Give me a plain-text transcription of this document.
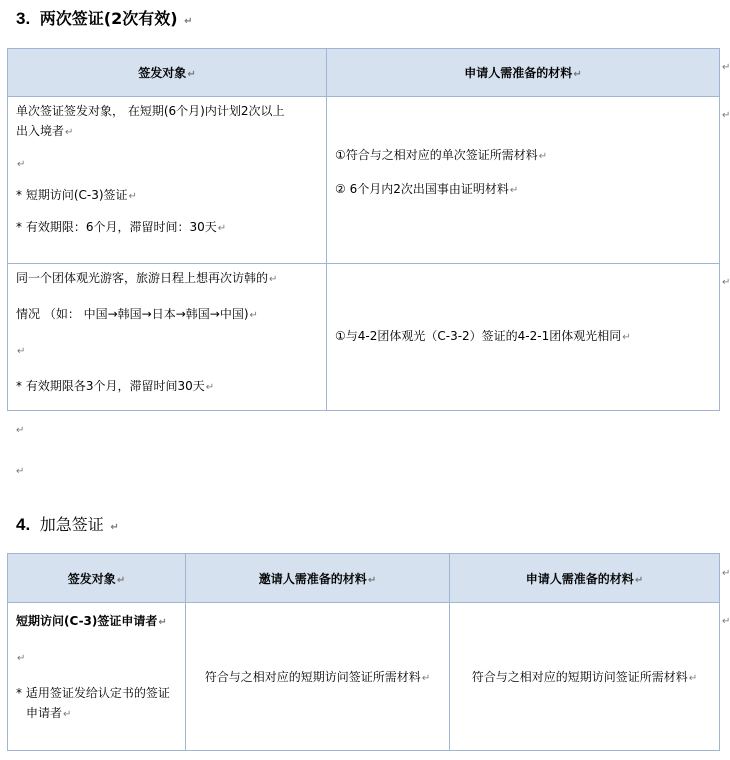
3. 两次签证(2次有效) ↵
签发对象↵	申请人需准备的材料↵

单次签证签发对象， 在短期(6个月)内计划2次以上
出入境者↵
↵
* 短期访问(C-3)签证↵
* 有效期限：6个月，滞留时间：30天↵	①符合与之相对应的单次签证所需材料↵
② 6个月内2次出国事由证明材料↵

同一个团体观光游客，旅游日程上想再次访韩的↵
情况 （如： 中国→韩国→日本→韩国→中国)↵
↵
* 有效期限各3个月，滞留时间30天↵	①与4-2团体观光（C-3-2）签证的4-2-1团体观光相同↵
↵
↵
↵
↵
↵
4. 加急签证 ↵
签发对象↵	邀请人需准备的材料↵	申请人需准备的材料↵

短期访问(C-3)签证申请者↵
↵
* 适用签证发给认定书的签证
申请者↵	符合与之相对应的短期访问签证所需材料↵	符合与之相对应的短期访问签证所需材料↵
↵
↵
